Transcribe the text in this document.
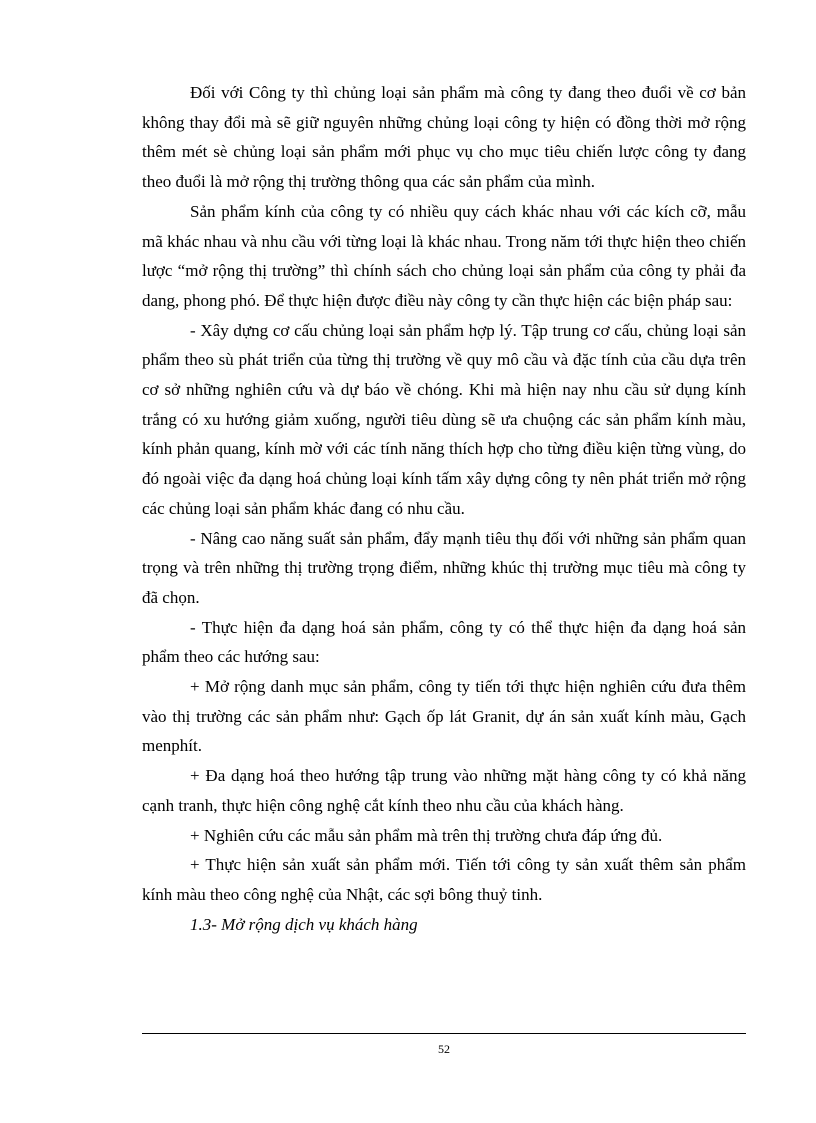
Đối với Công ty thì chủng loại sản phẩm mà công ty đang theo đuổi về cơ bản không thay đổi mà sẽ giữ nguyên những chủng loại công ty hiện có đồng thời mở rộng thêm mét sè chủng loại sản phẩm mới phục vụ cho mục tiêu chiến lược công ty đang theo đuổi là mở rộng thị trường thông qua các sản phẩm của mình.

Sản phẩm kính của công ty có nhiều quy cách khác nhau với các kích cỡ, mẫu mã khác nhau và nhu cầu với từng loại là khác nhau. Trong năm tới thực hiện theo chiến lược “mở rộng thị trường” thì chính sách cho chủng loại sản phẩm của công ty phải đa dang, phong phó. Để thực hiện được điều này công ty cần thực hiện các biện pháp sau:

- Xây dựng cơ cấu chủng loại sản phẩm hợp lý. Tập trung cơ cấu, chủng loại sản phẩm theo sù phát triển của từng thị trường về quy mô cầu và đặc tính của cầu dựa trên cơ sở những nghiên cứu và dự báo về chóng. Khi mà hiện nay nhu cầu sử dụng kính trắng có xu hướng giảm xuống, người tiêu dùng sẽ ưa chuộng các sản phẩm kính màu, kính phản quang, kính mờ với các tính năng thích hợp cho từng điều kiện từng vùng, do đó ngoài việc đa dạng hoá chủng loại kính tấm xây dựng công ty nên phát triển mở rộng các chủng loại sản phẩm khác đang có nhu cầu.

- Nâng cao năng suất sản phẩm, đẩy mạnh tiêu thụ đối với những sản phẩm quan trọng và trên những thị trường trọng điểm, những khúc thị trường mục tiêu mà công ty đã chọn.

- Thực hiện đa dạng hoá sản phẩm, công ty có thể thực hiện đa dạng hoá sản phẩm theo các hướng sau:

+ Mở rộng danh mục sản phẩm, công ty tiến tới thực hiện nghiên cứu đưa thêm vào thị trường các sản phẩm như: Gạch ốp lát Granit, dự án sản xuất kính màu, Gạch menphít.

+ Đa dạng hoá theo hướng tập trung vào những mặt hàng công ty có khả năng cạnh tranh, thực hiện công nghệ cắt kính theo nhu cầu của khách hàng.

+ Nghiên cứu các mẫu sản phẩm mà trên thị trường chưa đáp ứng đủ.

+ Thực hiện sản xuất sản phẩm mới. Tiến tới công ty sản xuất thêm sản phẩm kính màu theo công nghệ của Nhật, các sợi bông thuỷ tinh.

1.3- Mở rộng dịch vụ khách hàng

52
